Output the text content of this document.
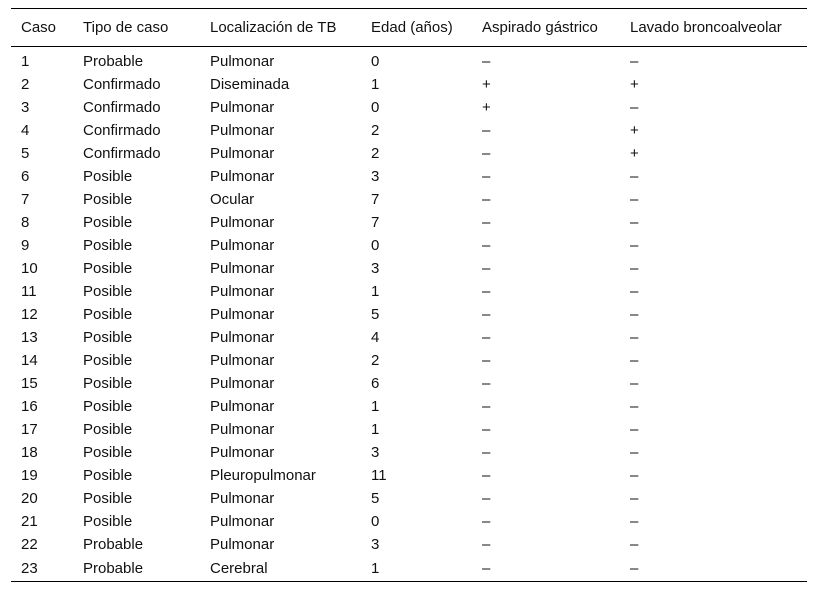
Caso	Tipo de caso	Localización de TB	Edad (años)	Aspirado gástrico	Lavado broncoalveolar
1	Probable	Pulmonar	0	–	–
2	Confirmado	Diseminada	1	+	+
3	Confirmado	Pulmonar	0	+	–
4	Confirmado	Pulmonar	2	–	+
5	Confirmado	Pulmonar	2	–	+
6	Posible	Pulmonar	3	–	–
7	Posible	Ocular	7	–	–
8	Posible	Pulmonar	7	–	–
9	Posible	Pulmonar	0	–	–
10	Posible	Pulmonar	3	–	–
11	Posible	Pulmonar	1	–	–
12	Posible	Pulmonar	5	–	–
13	Posible	Pulmonar	4	–	–
14	Posible	Pulmonar	2	–	–
15	Posible	Pulmonar	6	–	–
16	Posible	Pulmonar	1	–	–
17	Posible	Pulmonar	1	–	–
18	Posible	Pulmonar	3	–	–
19	Posible	Pleuropulmonar	11	–	–
20	Posible	Pulmonar	5	–	–
21	Posible	Pulmonar	0	–	–
22	Probable	Pulmonar	3	–	–
23	Probable	Cerebral	1	–	–
